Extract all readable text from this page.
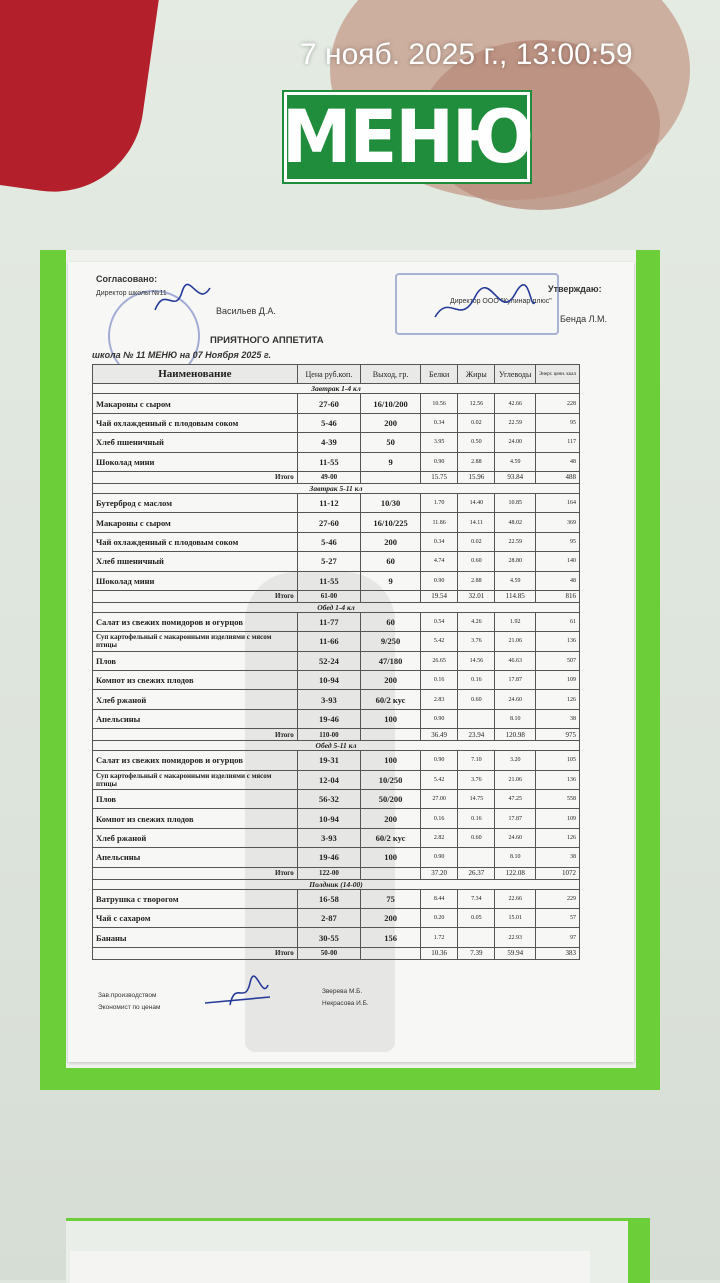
7 нояб. 2025 г., 13:00:59
МЕНЮ
Согласовано:
Директор школы №11
Васильев Д.А.
Утверждаю:
Директор ООО "Кулинар-плюс"
Бенда Л.М.
ПРИЯТНОГО АППЕТИТА
школа № 11 МЕНЮ на 07 Ноября 2025 г.
Наименование	Цена руб.коп.	Выход, гр.	Белки	Жиры	Углеводы	Энерг. ценн. ккал
Завтрак 1-4 кл						
Макароны с сыром	27-60	16/10/200	10.56	12.56	42.66	228
Чай охлажденный с плодовым соком	5-46	200	0.34	0.02	22.59	95
Хлеб пшеничный	4-39	50	3.95	0.50	24.00	117
Шоколад мини	11-55	9	0.90	2.88	4.59	48
Итого	49-00		15.75	15.96	93.84	488
Завтрак 5-11 кл						
Бутерброд с маслом	11-12	10/30	1.70	14.40	10.85	164
Макароны с сыром	27-60	16/10/225	11.86	14.11	48.02	369
Чай охлажденный с плодовым соком	5-46	200	0.34	0.02	22.59	95
Хлеб пшеничный	5-27	60	4.74	0.60	28.80	140
Шоколад мини	11-55	9	0.90	2.88	4.59	48
Итого	61-00		19.54	32.01	114.85	816
Обед 1-4 кл						
Салат из свежих помидоров и огурцов	11-77	60	0.54	4.26	1.92	61
Суп картофельный с макаронными изделиями с мясом птицы	11-66	9/250	5.42	3.76	21.06	136
Плов	52-24	47/180	26.65	14.56	46.63	507
Компот из свежих плодов	10-94	200	0.16	0.16	17.87	109
Хлеб ржаной	3-93	60/2 кус	2.83	0.60	24.60	126
Апельсины	19-46	100	0.90		8.10	38
Итого	110-00		36.49	23.94	120.98	975
Обед 5-11 кл						
Салат из свежих помидоров и огурцов	19-31	100	0.90	7.10	3.20	105
Суп картофельный с макаронными изделиями с мясом птицы	12-04	10/250	5.42	3.76	21.06	136
Плов	56-32	50/200	27.00	14.75	47.25	558
Компот из свежих плодов	10-94	200	0.16	0.16	17.87	109
Хлеб ржаной	3-93	60/2 кус	2.82	0.60	24.60	126
Апельсины	19-46	100	0.90		8.10	38
Итого	122-00		37.20	26.37	122.08	1072
Полдник (14-00)						
Ватрушка с творогом	16-58	75	8.44	7.34	22.66	229
Чай с сахаром	2-87	200	0.20	0.05	15.01	57
Бананы	30-55	156	1.72		22.93	97
Итого	50-00		10.36	7.39	59.94	383
Зав.производством
Экономист по ценам
Зверева М.Б.
Некрасова И.Б.
